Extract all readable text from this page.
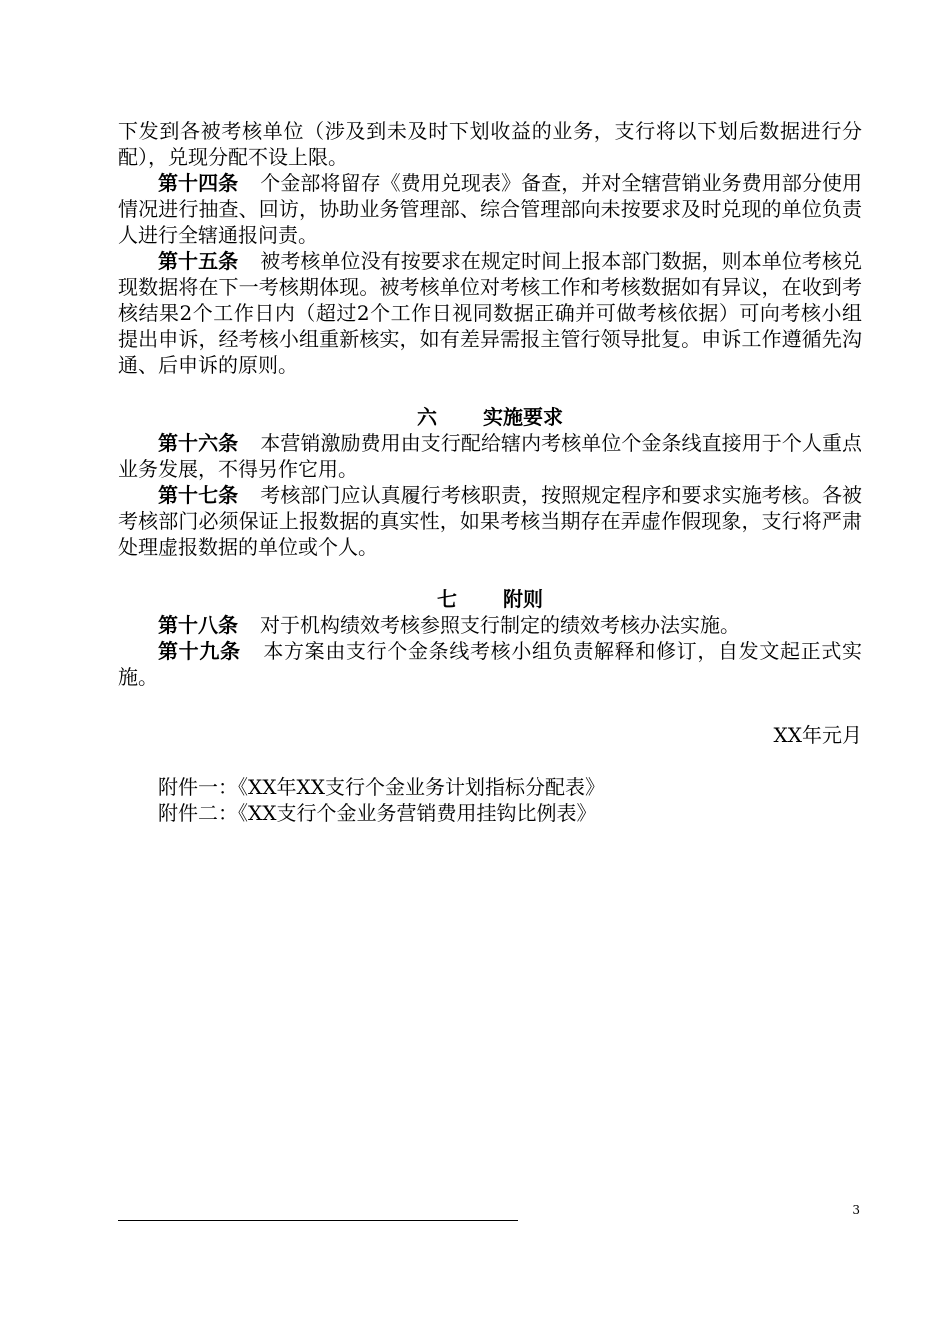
下发到各被考核单位（涉及到未及时下划收益的业务，支行将以下划后数据进行分配），兑现分配不设上限。

第十四条 个金部将留存《费用兑现表》备查，并对全辖营销业务费用部分使用情况进行抽查、回访，协助业务管理部、综合管理部向未按要求及时兑现的单位负责人进行全辖通报问责。

第十五条 被考核单位没有按要求在规定时间上报本部门数据，则本单位考核兑现数据将在下一考核期体现。被考核单位对考核工作和考核数据如有异议，在收到考核结果2个工作日内（超过2个工作日视同数据正确并可做考核依据）可向考核小组提出申诉，经考核小组重新核实，如有差异需报主管行领导批复。申诉工作遵循先沟通、后申诉的原则。

六 实施要求

第十六条 本营销激励费用由支行配给辖内考核单位个金条线直接用于个人重点业务发展，不得另作它用。

第十七条 考核部门应认真履行考核职责，按照规定程序和要求实施考核。各被考核部门必须保证上报数据的真实性，如果考核当期存在弄虚作假现象，支行将严肃处理虚报数据的单位或个人。

七 附则

第十八条 对于机构绩效考核参照支行制定的绩效考核办法实施。

第十九条 本方案由支行个金条线考核小组负责解释和修订，自发文起正式实施。

XX年元月

附件一：《XX年XX支行个金业务计划指标分配表》

附件二：《XX支行个金业务营销费用挂钩比例表》

3
